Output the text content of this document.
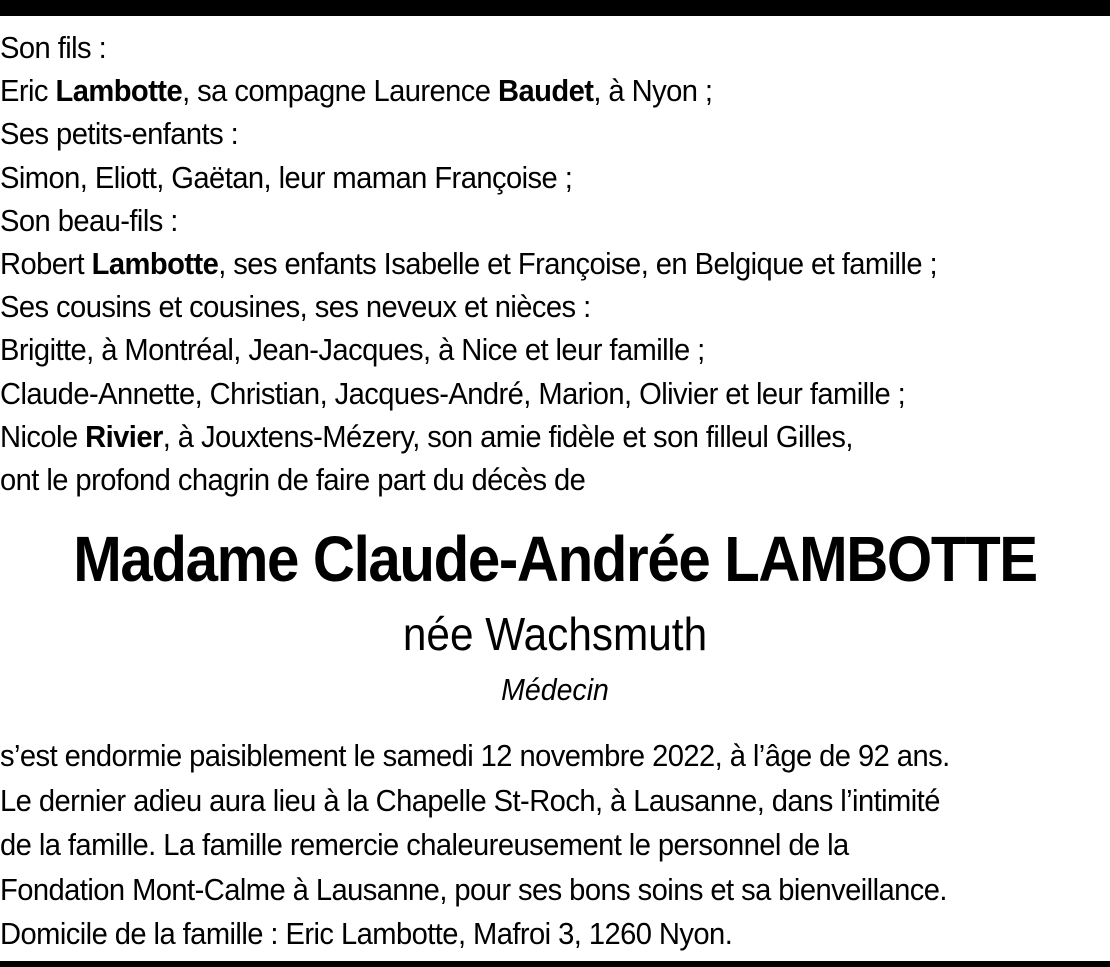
Son fils :
Eric Lambotte, sa compagne Laurence Baudet, à Nyon ;
Ses petits-enfants :
Simon, Eliott, Gaëtan, leur maman Françoise ;
Son beau-fils :
Robert Lambotte, ses enfants Isabelle et Françoise, en Belgique et famille ;
Ses cousins et cousines, ses neveux et nièces :
Brigitte, à Montréal, Jean-Jacques, à Nice et leur famille ;
Claude-Annette, Christian, Jacques-André, Marion, Olivier et leur famille ;
Nicole Rivier, à Jouxtens-Mézery, son amie fidèle et son filleul Gilles,
ont le profond chagrin de faire part du décès de
Madame Claude-Andrée LAMBOTTE
née Wachsmuth
Médecin

s’est endormie paisiblement le samedi 12 novembre 2022, à l’âge de 92 ans.

Le dernier adieu aura lieu à la Chapelle St-Roch, à Lausanne, dans l’intimité

de la famille. La famille remercie chaleureusement le personnel de la

Fondation Mont-Calme à Lausanne, pour ses bons soins et sa bienveillance.

Domicile de la famille : Eric Lambotte, Mafroi 3, 1260 Nyon.
